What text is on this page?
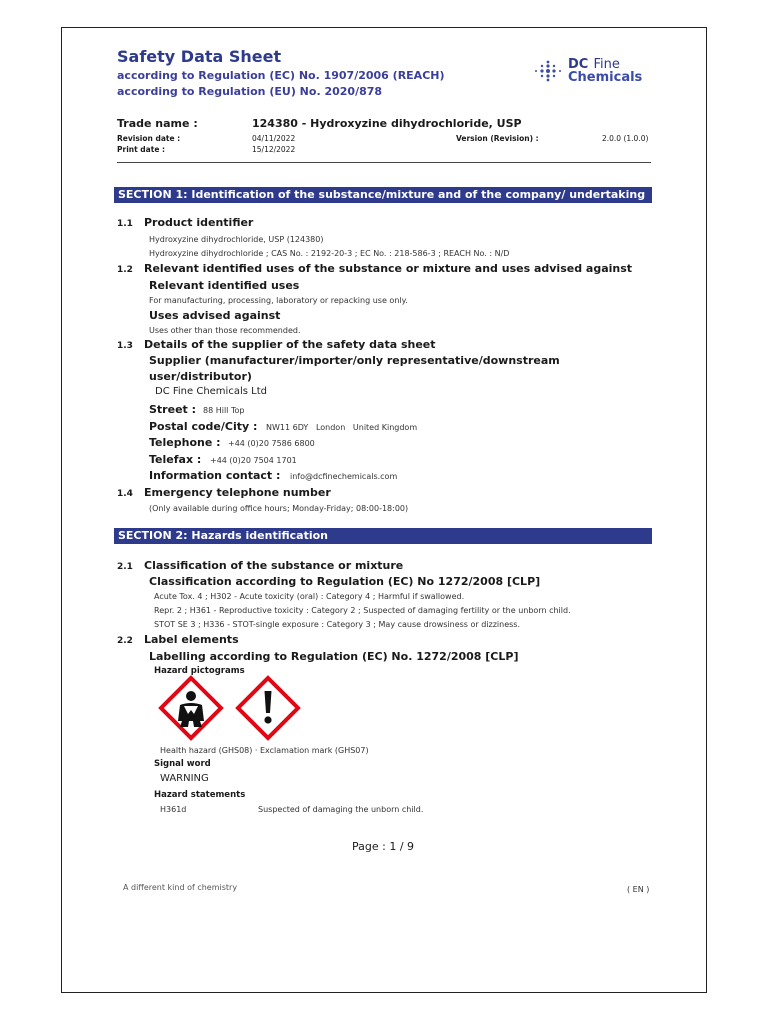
Safety Data Sheet
according to Regulation (EC) No. 1907/2006 (REACH)
according to Regulation (EU) No. 2020/878
DC Fine
Chemicals
Trade name :	124380 - Hydroxyzine dihydrochloride, USP
Revision date :	04/11/2022	Version (Revision) :	2.0.0 (1.0.0)
Print date :	15/12/2022
SECTION 1: Identification of the substance/mixture and of the company/ undertaking
1.1 Product identifier
Hydroxyzine dihydrochloride, USP (124380)
Hydroxyzine dihydrochloride ; CAS No. : 2192-20-3 ; EC No. : 218-586-3 ; REACH No. : N/D
1.2 Relevant identified uses of the substance or mixture and uses advised against
Relevant identified uses
For manufacturing, processing, laboratory or repacking use only.
Uses advised against
Uses other than those recommended.
1.3 Details of the supplier of the safety data sheet
Supplier (manufacturer/importer/only representative/downstream
user/distributor)
DC Fine Chemicals Ltd
Street : 88 Hill Top
Postal code/City : NW11 6DY   London   United Kingdom
Telephone : +44 (0)20 7586 6800
Telefax : +44 (0)20 7504 1701
Information contact : info@dcfinechemicals.com
1.4 Emergency telephone number
(Only available during office hours; Monday-Friday; 08:00-18:00)
SECTION 2: Hazards identification
2.1 Classification of the substance or mixture
Classification according to Regulation (EC) No 1272/2008 [CLP]
Acute Tox. 4 ; H302 - Acute toxicity (oral) : Category 4 ; Harmful if swallowed.
Repr. 2 ; H361 - Reproductive toxicity : Category 2 ; Suspected of damaging fertility or the unborn child.
STOT SE 3 ; H336 - STOT-single exposure : Category 3 ; May cause drowsiness or dizziness.
2.2 Label elements
Labelling according to Regulation (EC) No. 1272/2008 [CLP]
Hazard pictograms
Health hazard (GHS08) · Exclamation mark (GHS07)
Signal word
WARNING
Hazard statements
H361d	Suspected of damaging the unborn child.
Page : 1 / 9
A different kind of chemistry	( EN )
